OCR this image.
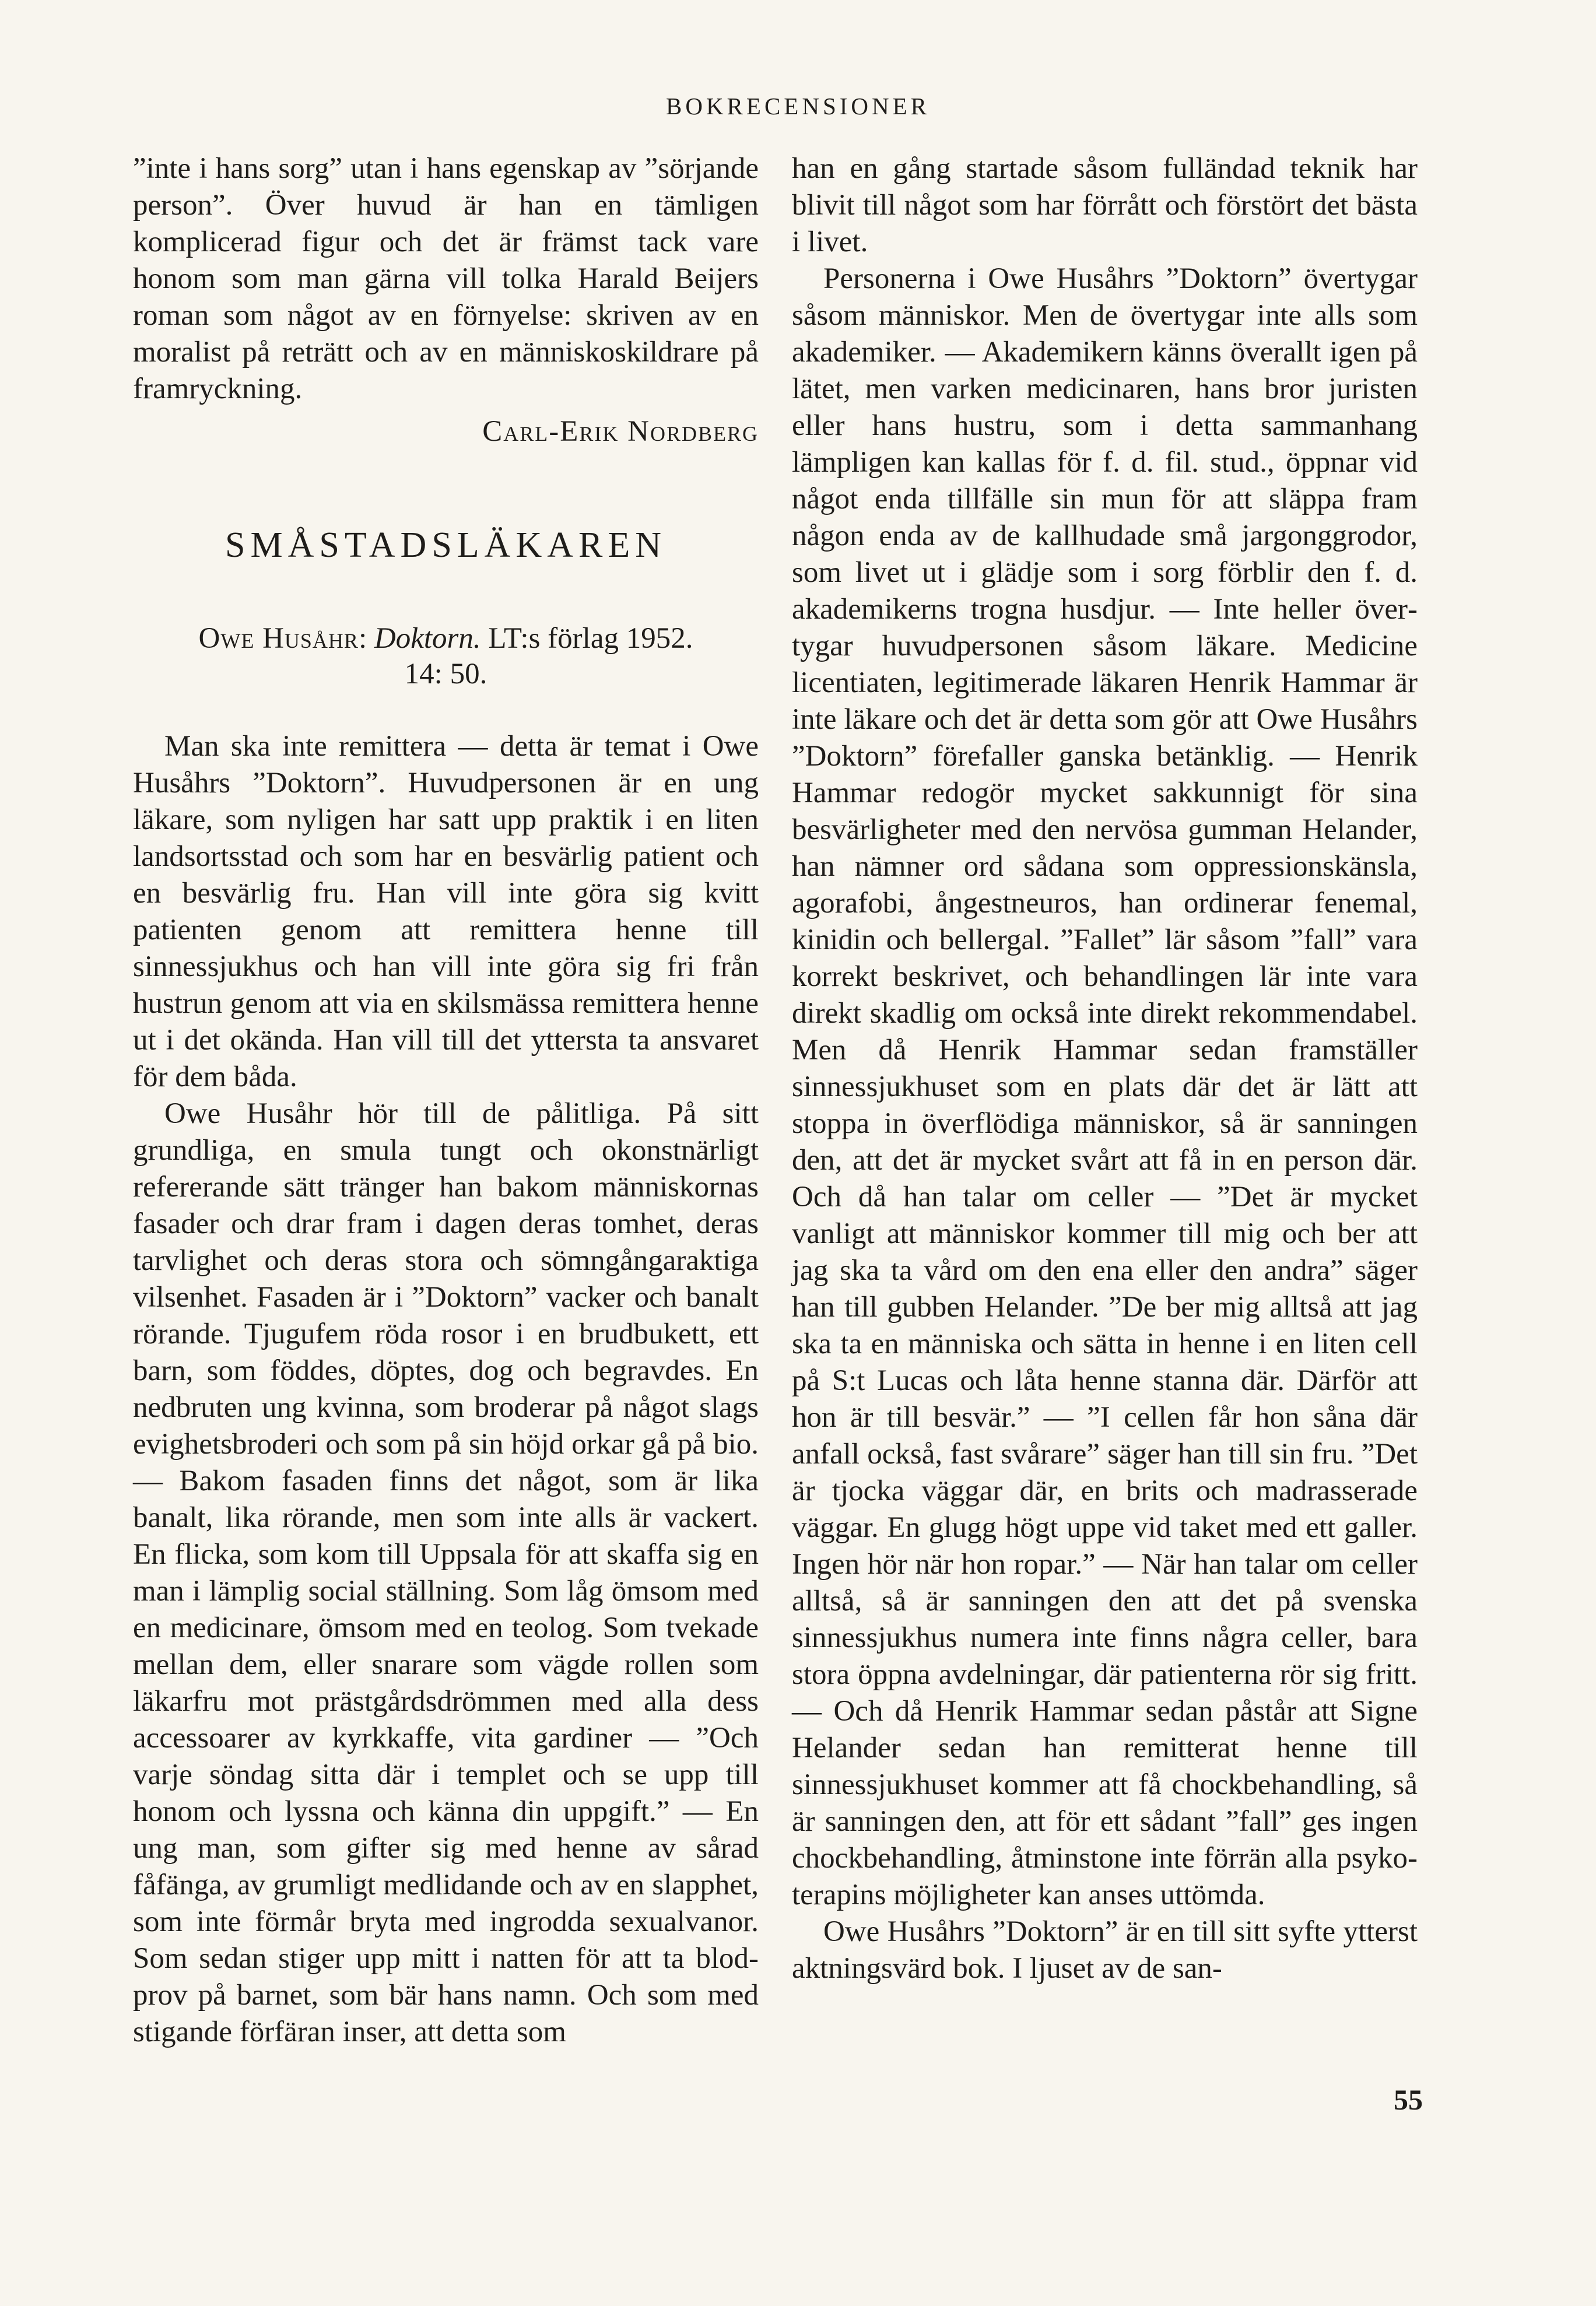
BOKRECENSIONER

”inte i hans sorg” utan i hans egenskap av ”sörjande person”. Över huvud är han en tämligen komplicerad figur och det är främst tack vare honom som man gärna vill tolka Harald Beijers roman som något av en förnyelse: skriven av en moralist på reträtt och av en människoskildrare på framryckning.

Carl-Erik Nordberg
SMÅSTADSLÄKAREN
Owe Husåhr: Doktorn. LT:s förlag 1952.
14: 50.

Man ska inte remittera — detta är temat i Owe Husåhrs ”Doktorn”. Huvudpersonen är en ung läkare, som nyligen har satt upp praktik i en liten landsortsstad och som har en besvärlig patient och en besvärlig fru. Han vill inte göra sig kvitt patienten genom att remittera henne till sinnessjukhus och han vill inte göra sig fri från hustrun genom att via en skilsmässa remittera henne ut i det okända. Han vill till det yttersta ta ansvaret för dem båda.

Owe Husåhr hör till de pålitliga. På sitt grundliga, en smula tungt och okonstnärligt refererande sätt tränger han bakom människornas fasader och drar fram i dagen deras tomhet, deras tarvlighet och deras stora och sömngångaraktiga vilsenhet. Fasaden är i ”Doktorn” vacker och banalt rörande. Tjugufem röda rosor i en brudbukett, ett barn, som föddes, döptes, dog och begravdes. En nedbruten ung kvinna, som broderar på något slags evighetsbroderi och som på sin höjd orkar gå på bio. — Bakom fasaden finns det något, som är lika banalt, lika rörande, men som inte alls är vackert. En flicka, som kom till Uppsala för att skaffa sig en man i lämplig social ställning. Som låg ömsom med en medicinare, ömsom med en teolog. Som tvekade mellan dem, eller snarare som vägde rollen som läkarfru mot prästgårdsdrömmen med alla dess accessoarer av kyrkkaffe, vita gardiner — ”Och varje söndag sitta där i templet och se upp till honom och lyssna och känna din uppgift.” — En ung man, som gifter sig med henne av sårad fåfänga, av grumligt medlidande och av en slapphet, som inte förmår bryta med ingrodda sexualvanor. Som sedan stiger upp mitt i natten för att ta blodprov på barnet, som bär hans namn. Och som med stigande förfäran inser, att detta som

han en gång startade såsom fulländad teknik har blivit till något som har förrått och förstört det bästa i livet.

Personerna i Owe Husåhrs ”Doktorn” övertygar såsom människor. Men de övertygar inte alls som akademiker. — Akademikern känns överallt igen på lätet, men varken medicinaren, hans bror juristen eller hans hustru, som i detta sammanhang lämpligen kan kallas för f. d. fil. stud., öppnar vid något enda tillfälle sin mun för att släppa fram någon enda av de kallhudade små jargonggrodor, som livet ut i glädje som i sorg förblir den f. d. akademikerns trogna husdjur. — Inte heller övertygar huvudpersonen såsom läkare. Medicine licentiaten, legitimerade läkaren Henrik Hammar är inte läkare och det är detta som gör att Owe Husåhrs ”Doktorn” förefaller ganska betänklig. — Henrik Hammar redogör mycket sakkunnigt för sina besvärligheter med den nervösa gumman Helander, han nämner ord sådana som oppressionskänsla, agorafobi, ångestneuros, han ordinerar fenemal, kinidin och bellergal. ”Fallet” lär såsom ”fall” vara korrekt beskrivet, och behandlingen lär inte vara direkt skadlig om också inte direkt rekommendabel. Men då Henrik Hammar sedan framställer sinnessjukhuset som en plats där det är lätt att stoppa in överflödiga människor, så är sanningen den, att det är mycket svårt att få in en person där. Och då han talar om celler — ”Det är mycket vanligt att människor kommer till mig och ber att jag ska ta vård om den ena eller den andra” säger han till gubben Helander. ”De ber mig alltså att jag ska ta en människa och sätta in henne i en liten cell på S:t Lucas och låta henne stanna där. Därför att hon är till besvär.” — ”I cellen får hon såna där anfall också, fast svårare” säger han till sin fru. ”Det är tjocka väggar där, en brits och madrasserade väggar. En glugg högt uppe vid taket med ett galler. Ingen hör när hon ropar.” — När han talar om celler alltså, så är sanningen den att det på svenska sinnessjukhus numera inte finns några celler, bara stora öppna avdelningar, där patienterna rör sig fritt. — Och då Henrik Hammar sedan påstår att Signe Helander sedan han remitterat henne till sinnessjukhuset kommer att få chockbehandling, så är sanningen den, att för ett sådant ”fall” ges ingen chockbehandling, åtminstone inte förrän alla psykoterapins möjligheter kan anses uttömda.

Owe Husåhrs ”Doktorn” är en till sitt syfte ytterst aktningsvärd bok. I ljuset av de san-

55
